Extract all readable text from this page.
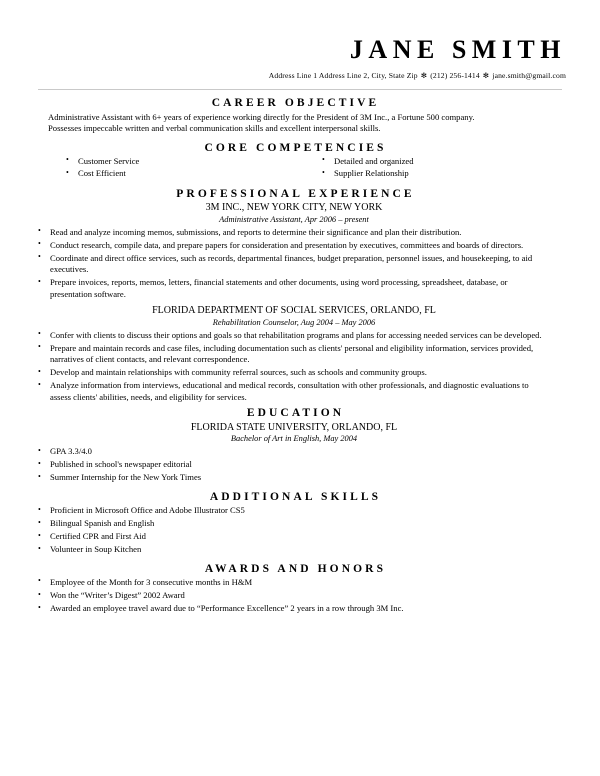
JANE SMITH
Address Line 1 Address Line 2, City, State Zip ✻ (212) 256-1414 ✻ jane.smith@gmail.com
CAREER OBJECTIVE
Administrative Assistant with 6+ years of experience working directly for the President of 3M Inc., a Fortune 500 company.
Possesses impeccable written and verbal communication skills and excellent interpersonal skills.
CORE COMPETENCIES
• Customer Service
• Cost Efficient
• Detailed and organized
• Supplier Relationship
PROFESSIONAL EXPERIENCE
3M INC., NEW YORK CITY, NEW YORK
Administrative Assistant, Apr 2006 – present
• Read and analyze incoming memos, submissions, and reports to determine their significance and plan their distribution.
• Conduct research, compile data, and prepare papers for consideration and presentation by executives, committees and boards of directors.
• Coordinate and direct office services, such as records, departmental finances, budget preparation, personnel issues, and housekeeping, to aid executives.
• Prepare invoices, reports, memos, letters, financial statements and other documents, using word processing, spreadsheet, database, or presentation software.
FLORIDA DEPARTMENT OF SOCIAL SERVICES, ORLANDO, FL
Rehabilitation Counselor, Aug 2004 – May 2006
• Confer with clients to discuss their options and goals so that rehabilitation programs and plans for accessing needed services can be developed.
• Prepare and maintain records and case files, including documentation such as clients' personal and eligibility information, services provided, narratives of client contacts, and relevant correspondence.
• Develop and maintain relationships with community referral sources, such as schools and community groups.
• Analyze information from interviews, educational and medical records, consultation with other professionals, and diagnostic evaluations to assess clients' abilities, needs, and eligibility for services.
EDUCATION
FLORIDA STATE UNIVERSITY, ORLANDO, FL
Bachelor of Art in English, May 2004
• GPA 3.3/4.0
• Published in school's newspaper editorial
• Summer Internship for the New York Times
ADDITIONAL SKILLS
• Proficient in Microsoft Office and Adobe Illustrator CS5
• Bilingual Spanish and English
• Certified CPR and First Aid
• Volunteer in Soup Kitchen
AWARDS AND HONORS
• Employee of the Month for 3 consecutive months in H&M
• Won the “Writer’s Digest” 2002 Award
• Awarded an employee travel award due to “Performance Excellence” 2 years in a row through 3M Inc.
